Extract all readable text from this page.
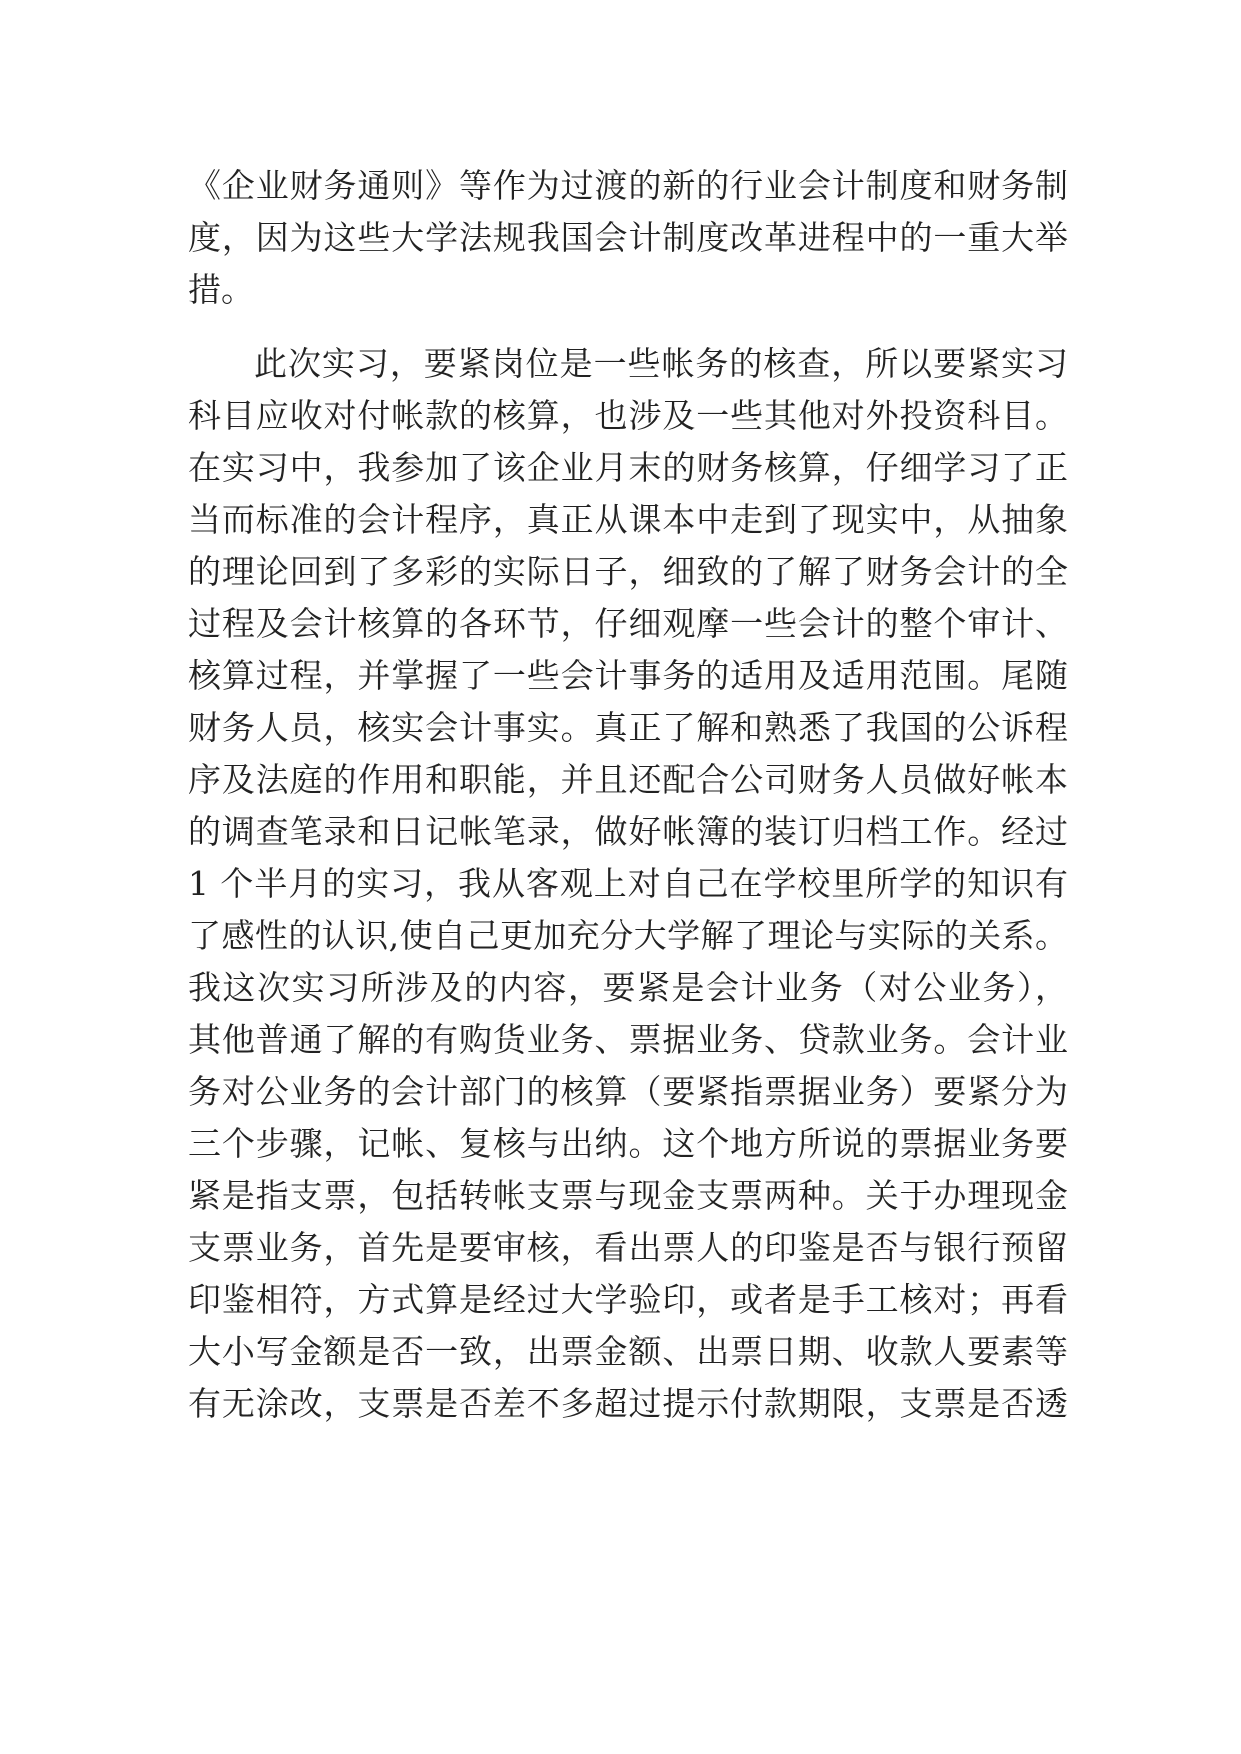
《企业财务通则》等作为过渡的新的行业会计制度和财务制
度，因为这些大学法规我国会计制度改革进程中的一重大举
措。
此次实习，要紧岗位是一些帐务的核查，所以要紧实习
科目应收对付帐款的核算，也涉及一些其他对外投资科目。
在实习中，我参加了该企业月末的财务核算，仔细学习了正
当而标准的会计程序，真正从课本中走到了现实中，从抽象
的理论回到了多彩的实际日子，细致的了解了财务会计的全
过程及会计核算的各环节，仔细观摩一些会计的整个审计、
核算过程，并掌握了一些会计事务的适用及适用范围。尾随
财务人员，核实会计事实。真正了解和熟悉了我国的公诉程
序及法庭的作用和职能，并且还配合公司财务人员做好帐本
的调查笔录和日记帐笔录，做好帐簿的装订归档工作。经过
1 个半月的实习，我从客观上对自己在学校里所学的知识有
了感性的认识,使自己更加充分大学解了理论与实际的关系。
我这次实习所涉及的内容，要紧是会计业务（对公业务），
其他普通了解的有购货业务、票据业务、贷款业务。会计业
务对公业务的会计部门的核算（要紧指票据业务）要紧分为
三个步骤，记帐、复核与出纳。这个地方所说的票据业务要
紧是指支票，包括转帐支票与现金支票两种。关于办理现金
支票业务，首先是要审核，看出票人的印鉴是否与银行预留
印鉴相符，方式算是经过大学验印，或者是手工核对；再看
大小写金额是否一致，出票金额、出票日期、收款人要素等
有无涂改，支票是否差不多超过提示付款期限，支票是否透
